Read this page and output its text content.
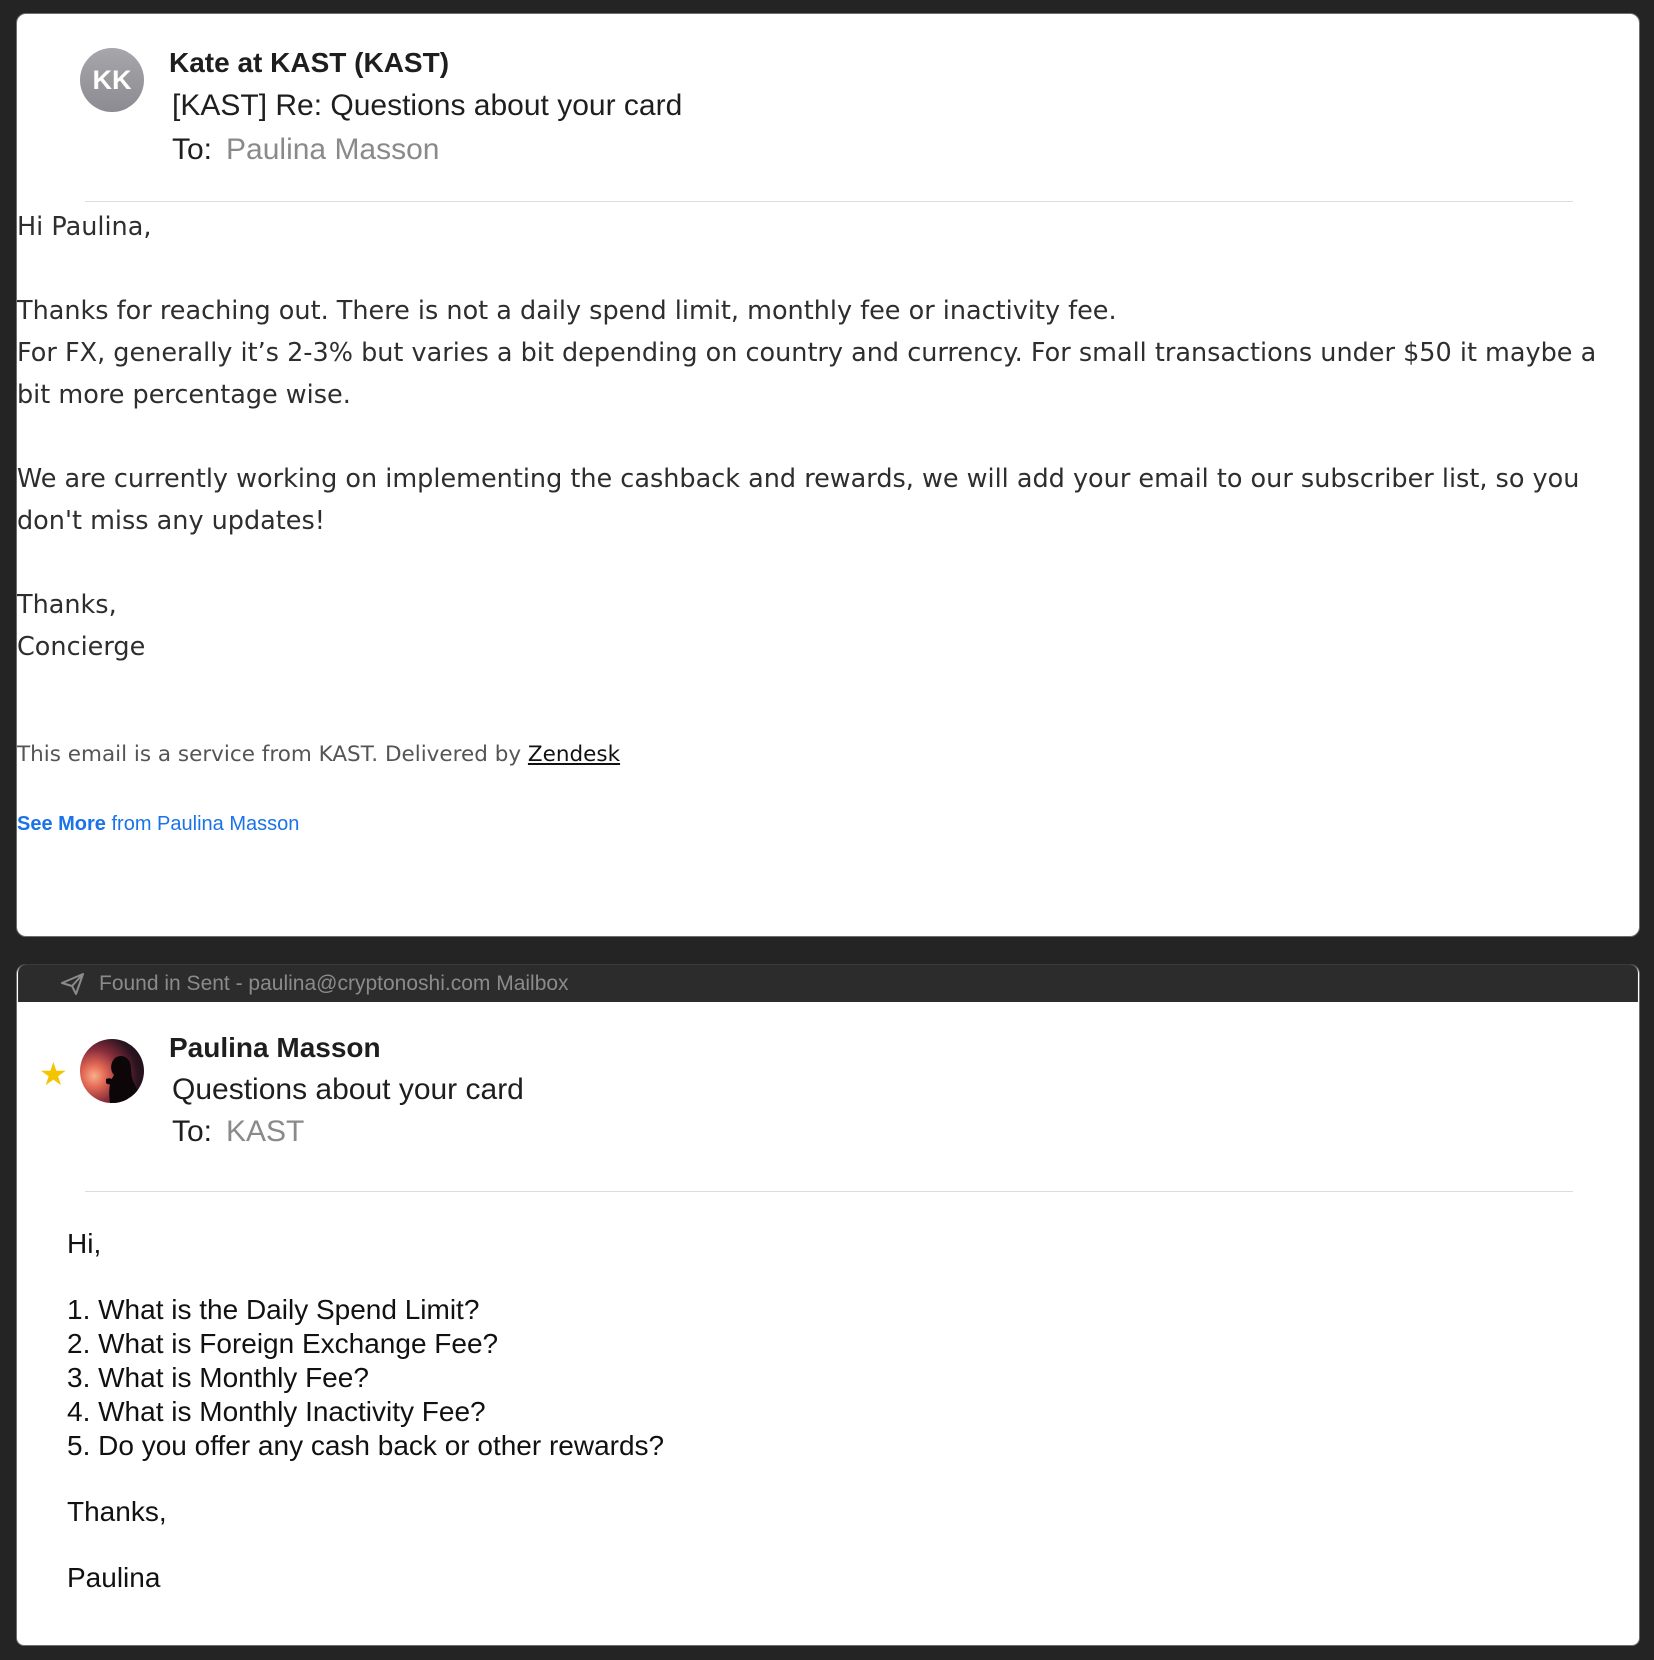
KK
Kate at KAST (KAST)
[KAST] Re: Questions about your card
To: Paulina Masson

Hi Paulina,

Thanks for reaching out. There is not a daily spend limit, monthly fee or inactivity fee.

For FX, generally it’s 2-3% but varies a bit depending on country and currency. For small transactions under $50 it maybe a bit more percentage wise.

We are currently working on implementing the cashback and rewards, we will add your email to our subscriber list, so you don't miss any updates!

Thanks,

Concierge

This email is a service from KAST. Delivered by Zendesk
See More from Paulina Masson
★
Paulina Masson
Questions about your card
To: KAST
Hi,
1. What is the Daily Spend Limit?
2. What is Foreign Exchange Fee?
3. What is Monthly Fee?
4. What is Monthly Inactivity Fee?
5. Do you offer any cash back or other rewards?
Thanks,
Paulina
Found in Sent - paulina@cryptonoshi.com Mailbox
